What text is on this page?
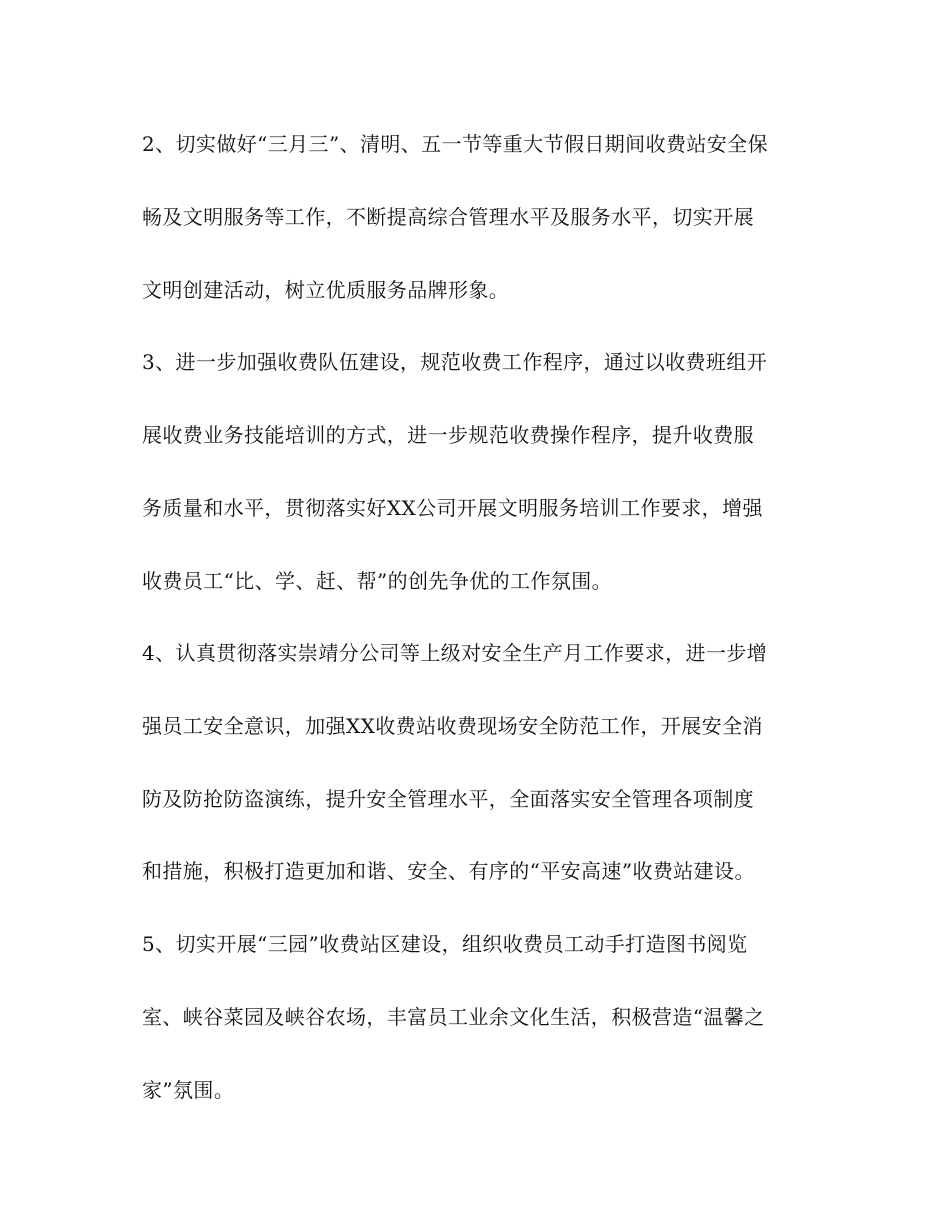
2、切实做好“三月三”、清明、五一节等重大节假日期间收费站安全保
畅及文明服务等工作，不断提高综合管理水平及服务水平，切实开展
文明创建活动，树立优质服务品牌形象。
3、进一步加强收费队伍建设，规范收费工作程序，通过以收费班组开
展收费业务技能培训的方式，进一步规范收费操作程序，提升收费服
务质量和水平，贯彻落实好XX公司开展文明服务培训工作要求，增强
收费员工“比、学、赶、帮”的创先争优的工作氛围。
4、认真贯彻落实崇靖分公司等上级对安全生产月工作要求，进一步增
强员工安全意识，加强XX收费站收费现场安全防范工作，开展安全消
防及防抢防盗演练，提升安全管理水平，全面落实安全管理各项制度
和措施，积极打造更加和谐、安全、有序的“平安高速”收费站建设。
5、切实开展“三园”收费站区建设，组织收费员工动手打造图书阅览
室、峡谷菜园及峡谷农场，丰富员工业余文化生活，积极营造“温馨之
家”氛围。
